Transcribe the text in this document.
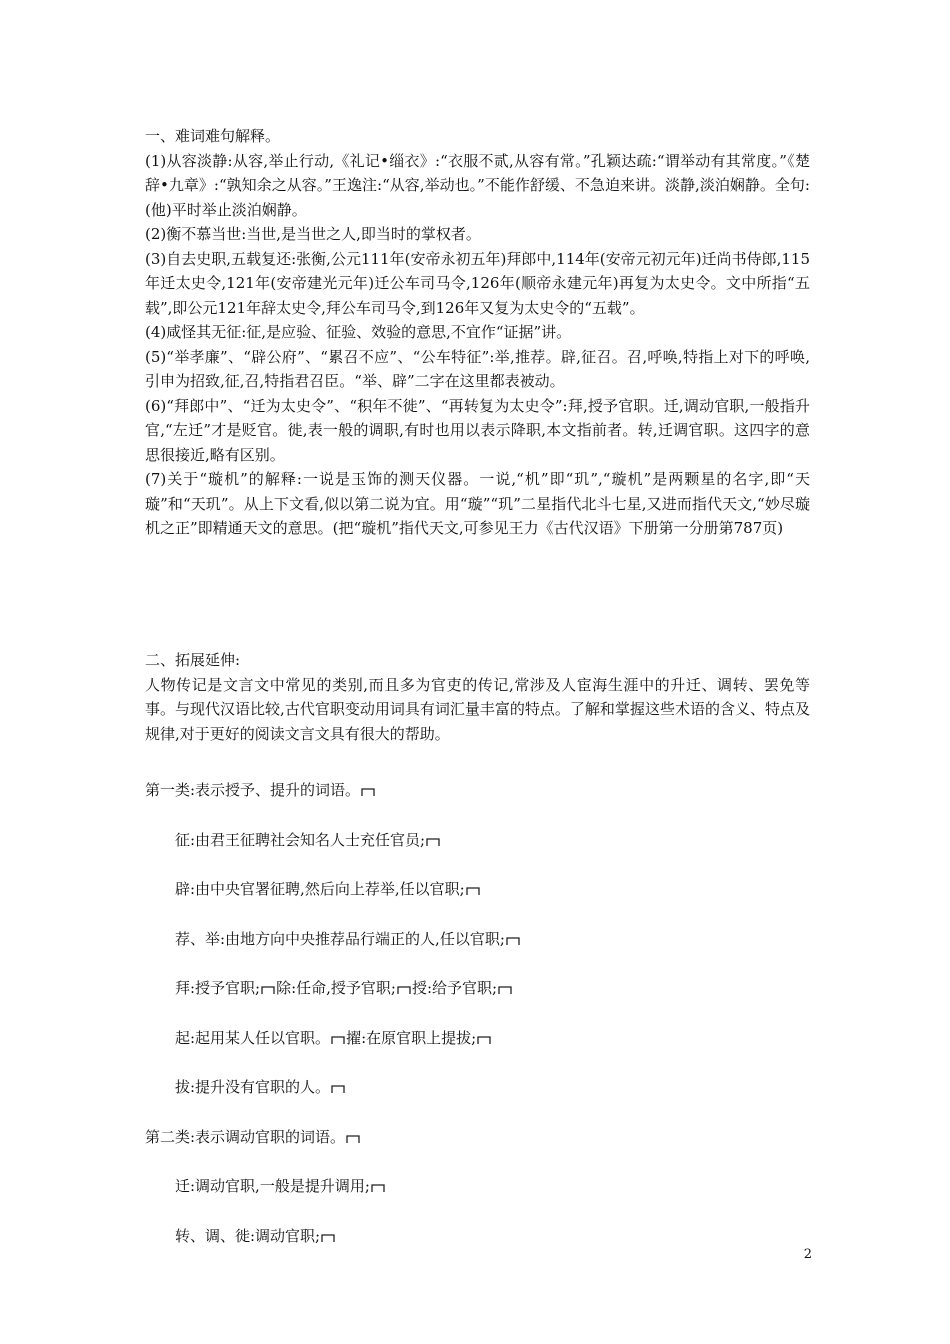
一、难词难句解释。

(1)从容淡静:从容,举止行动,《礼记•缁衣》:“衣服不贰,从容有常。”孔颖达疏:“谓举动有其常度。”《楚辞•九章》:“孰知余之从容。”王逸注:“从容,举动也。”不能作舒缓、不急迫来讲。淡静,淡泊娴静。全句:(他)平时举止淡泊娴静。

(2)衡不慕当世:当世,是当世之人,即当时的掌权者。

(3)自去史职,五载复还:张衡,公元111年(安帝永初五年)拜郎中,114年(安帝元初元年)迁尚书侍郎,115年迁太史令,121年(安帝建光元年)迁公车司马令,126年(顺帝永建元年)再复为太史令。文中所指“五载”,即公元121年辞太史令,拜公车司马令,到126年又复为太史令的“五载”。

(4)咸怪其无征:征,是应验、征验、效验的意思,不宜作“证据”讲。

(5)“举孝廉”、“辟公府”、“累召不应”、“公车特征”:举,推荐。辟,征召。召,呼唤,特指上对下的呼唤,引申为招致,征,召,特指君召臣。“举、辟”二字在这里都表被动。

(6)“拜郎中”、“迁为太史令”、“积年不徙”、“再转复为太史令”:拜,授予官职。迁,调动官职,一般指升官,“左迁”才是贬官。徙,表一般的调职,有时也用以表示降职,本文指前者。转,迁调官职。这四字的意思很接近,略有区别。

(7)关于“璇机”的解释:一说是玉饰的测天仪器。一说,“机”即“玑”,“璇机”是两颗星的名字,即“天璇”和“天玑”。从上下文看,似以第二说为宜。用“璇”“玑”二星指代北斗七星,又进而指代天文,“妙尽璇机之正”即精通天文的意思。(把“璇机”指代天文,可参见王力《古代汉语》下册第一分册第787页)

二、拓展延伸:

人物传记是文言文中常见的类别,而且多为官吏的传记,常涉及人宦海生涯中的升迁、调转、罢免等事。与现代汉语比较,古代官职变动用词具有词汇量丰富的特点。了解和掌握这些术语的含义、特点及规律,对于更好的阅读文言文具有很大的帮助。

第一类:表示授予、提升的词语。
征:由君王征聘社会知名人士充任官员;
辟:由中央官署征聘,然后向上荐举,任以官职;
荐、举:由地方向中央推荐品行端正的人,任以官职;
拜:授予官职; 除:任命,授予官职; 授:给予官职;
起:起用某人任以官职。 擢:在原官职上提拔;
拔:提升没有官职的人。
第二类:表示调动官职的词语。
迁:调动官职,一般是提升调用;
转、调、徙:调动官职;
2
